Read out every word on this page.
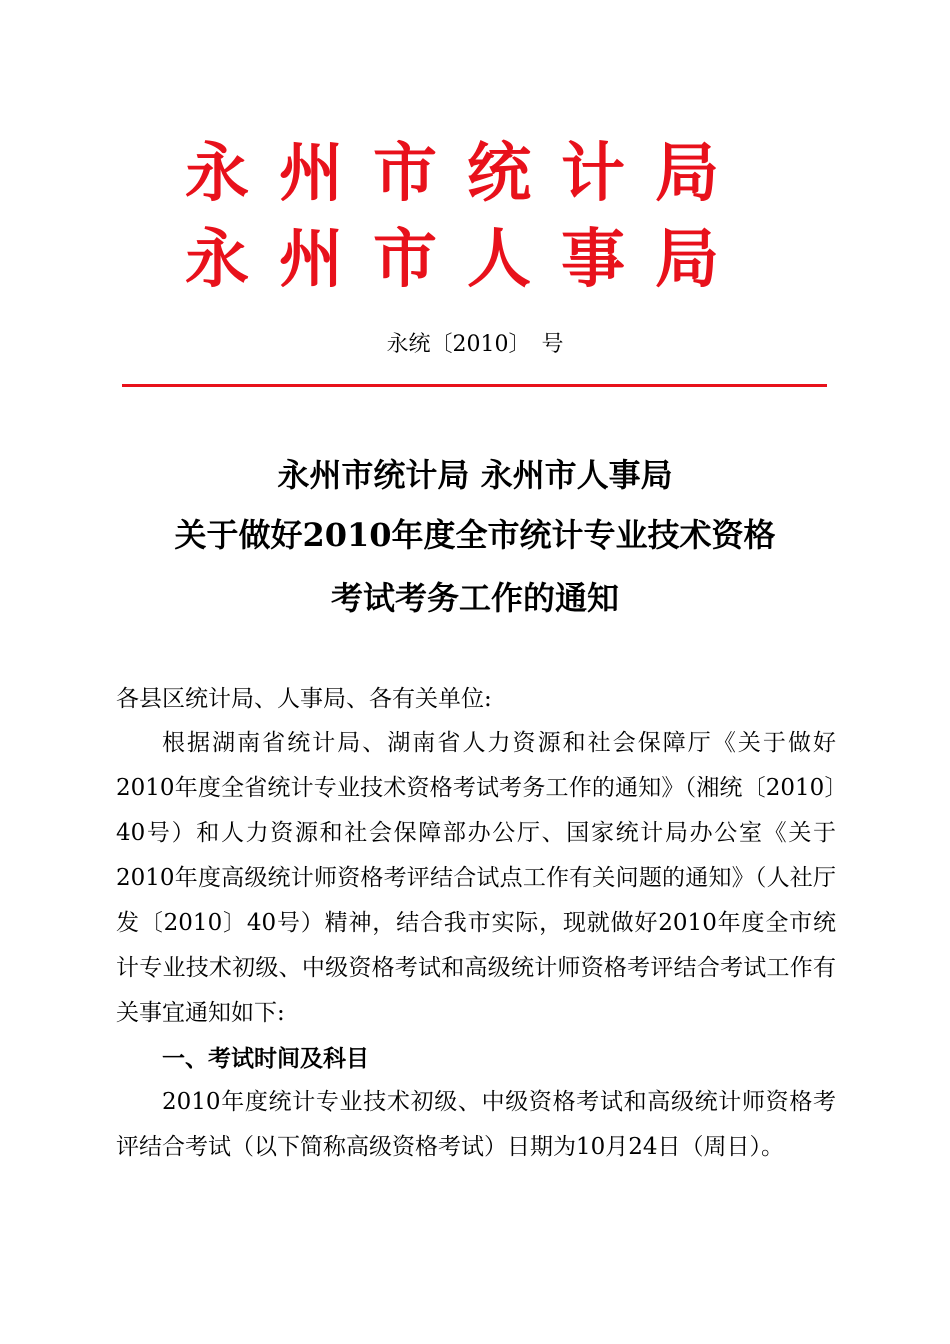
永州市统计局
永州市人事局
永统〔2010〕　号
永州市统计局 永州市人事局
关于做好2010年度全市统计专业技术资格
考试考务工作的通知
各县区统计局、人事局、各有关单位:
根据湖南省统计局、湖南省人力资源和社会保障厅《关于做好2010年度全省统计专业技术资格考试考务工作的通知》（湘统〔2010〕40号）和人力资源和社会保障部办公厅、国家统计局办公室《关于2010年度高级统计师资格考评结合试点工作有关问题的通知》（人社厅发〔2010〕40号）精神，结合我市实际，现就做好2010年度全市统计专业技术初级、中级资格考试和高级统计师资格考评结合考试工作有关事宜通知如下:
一、考试时间及科目
2010年度统计专业技术初级、中级资格考试和高级统计师资格考评结合考试（以下简称高级资格考试）日期为10月24日（周日）。
